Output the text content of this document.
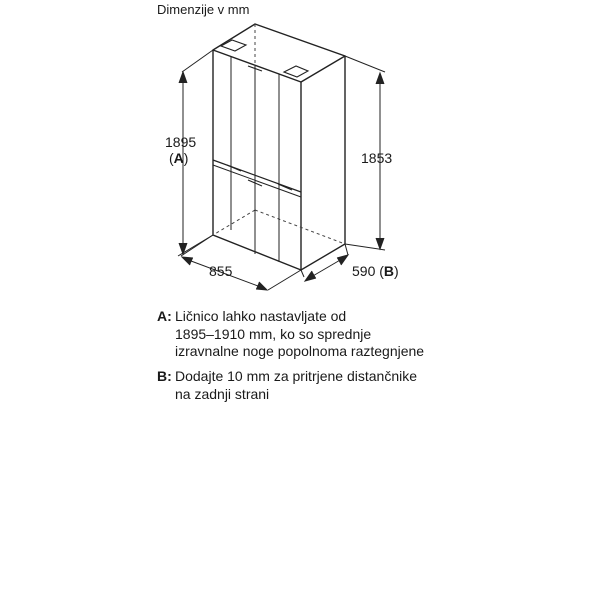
Dimenzije v mm
1895
(A)	1853
855	590 (B)
A: Ličnico lahko nastavljate od
1895–1910 mm, ko so sprednje
izravnalne noge popolnoma raztegnjene
B: Dodajte 10 mm za pritrjene distančnike
na zadnji strani
